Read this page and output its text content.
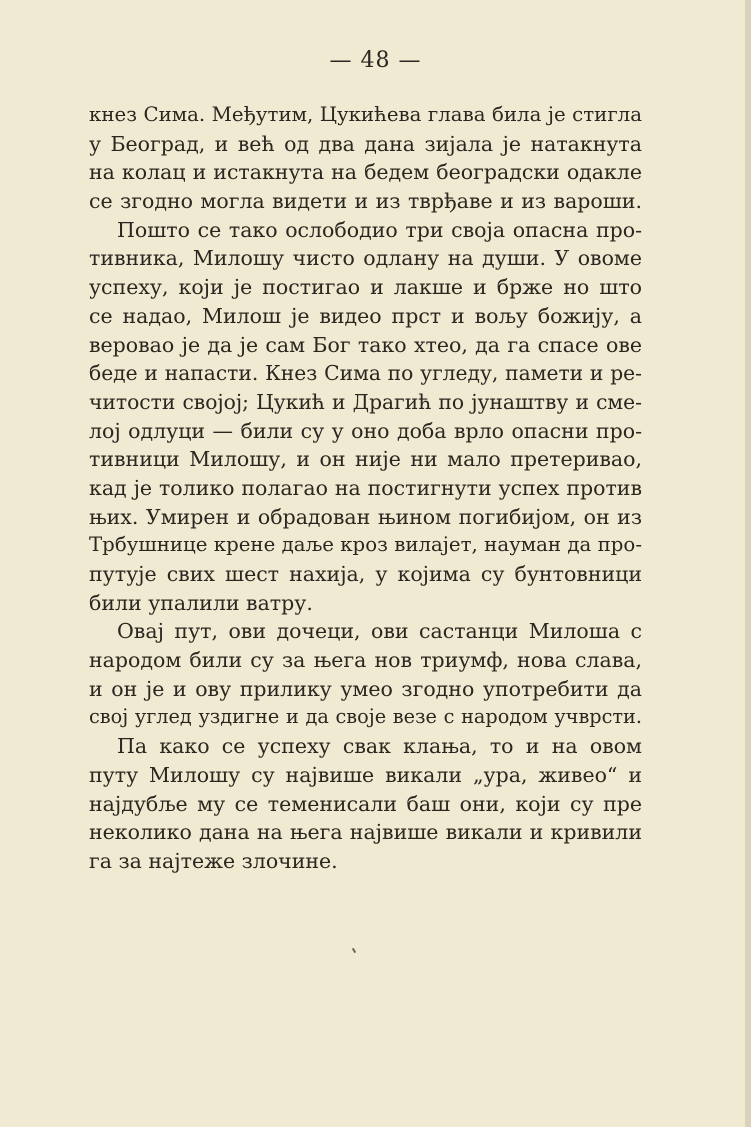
— 48 —
кнез Сима. Међутим, Цукићева глава била је стигла
у Београд, и већ од два дана зијала је натакнута
на колац и истакнута на бедем београдски одакле
се згодно могла видети и из тврђаве и из вароши.
Пошто се тако ослободио три своја опасна про-
тивника, Милошу чисто одлану на души. У овоме
успеху, који је постигао и лакше и брже но што
се надао, Милош је видео прст и вољу божију, а
веровао је да је сам Бог тако хтео, да га спасе ове
беде и напасти. Кнез Сима по угледу, памети и ре-
читости својој; Цукић и Драгић по јунаштву и сме-
лој одлуци — били су у оно доба врло опасни про-
тивници Милошу, и он није ни мало претеривао,
кад је толико полагао на постигнути успех против
њих. Умирен и обрадован њином погибијом, он из
Трбушнице крене даље кроз вилајет, науман да про-
путује свих шест нахија, у којима су бунтовници
били упалили ватру.
Овај пут, ови дочеци, ови састанци Милоша с
народом били су за њега нов триумф, нова слава,
и он је и ову прилику умео згодно употребити да
свој углед уздигне и да своје везе с народом учврсти.
Па како се успеху свак клања, то и на овом
путу Милошу су највише викали „ура, живео“ и
најдубље му се теменисали баш они, који су пре
неколико дана на њега највише викали и кривили
га за најтеже злочине.
